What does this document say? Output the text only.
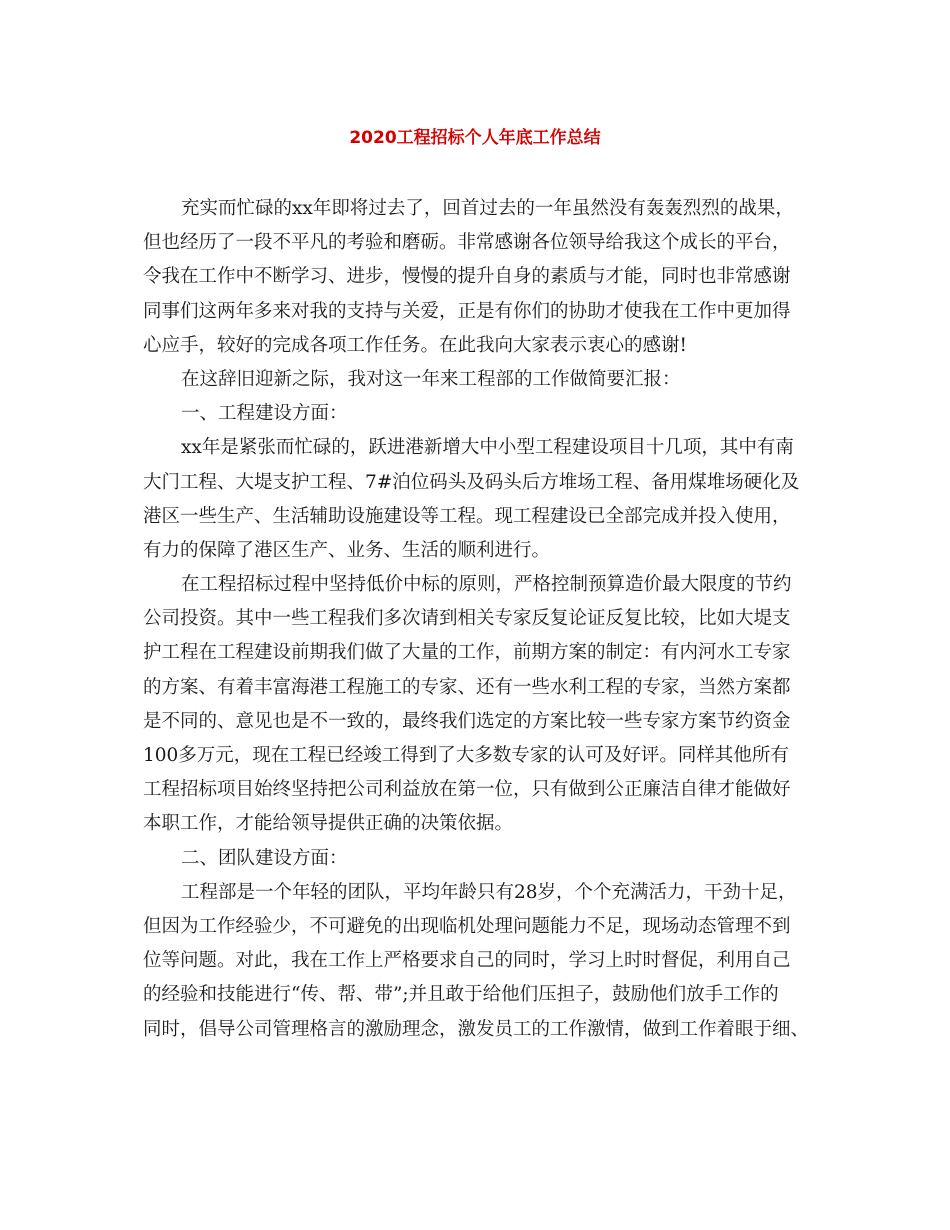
2020工程招标个人年底工作总结

充实而忙碌的xx年即将过去了，回首过去的一年虽然没有轰轰烈烈的战果，

但也经历了一段不平凡的考验和磨砺。非常感谢各位领导给我这个成长的平台，

令我在工作中不断学习、进步，慢慢的提升自身的素质与才能，同时也非常感谢

同事们这两年多来对我的支持与关爱，正是有你们的协助才使我在工作中更加得

心应手，较好的完成各项工作任务。在此我向大家表示衷心的感谢!

在这辞旧迎新之际，我对这一年来工程部的工作做简要汇报：

一、工程建设方面：

xx年是紧张而忙碌的，跃进港新增大中小型工程建设项目十几项，其中有南

大门工程、大堤支护工程、7#泊位码头及码头后方堆场工程、备用煤堆场硬化及

港区一些生产、生活辅助设施建设等工程。现工程建设已全部完成并投入使用，

有力的保障了港区生产、业务、生活的顺利进行。

在工程招标过程中坚持低价中标的原则，严格控制预算造价最大限度的节约

公司投资。其中一些工程我们多次请到相关专家反复论证反复比较，比如大堤支

护工程在工程建设前期我们做了大量的工作，前期方案的制定：有内河水工专家

的方案、有着丰富海港工程施工的专家、还有一些水利工程的专家，当然方案都

是不同的、意见也是不一致的，最终我们选定的方案比较一些专家方案节约资金

100多万元，现在工程已经竣工得到了大多数专家的认可及好评。同样其他所有

工程招标项目始终坚持把公司利益放在第一位，只有做到公正廉洁自律才能做好

本职工作，才能给领导提供正确的决策依据。

二、团队建设方面：

工程部是一个年轻的团队，平均年龄只有28岁，个个充满活力，干劲十足，

但因为工作经验少，不可避免的出现临机处理问题能力不足，现场动态管理不到

位等问题。对此，我在工作上严格要求自己的同时，学习上时时督促，利用自己

的经验和技能进行“传、帮、带”;并且敢于给他们压担子，鼓励他们放手工作的

同时，倡导公司管理格言的激励理念，激发员工的工作激情，做到工作着眼于细、
